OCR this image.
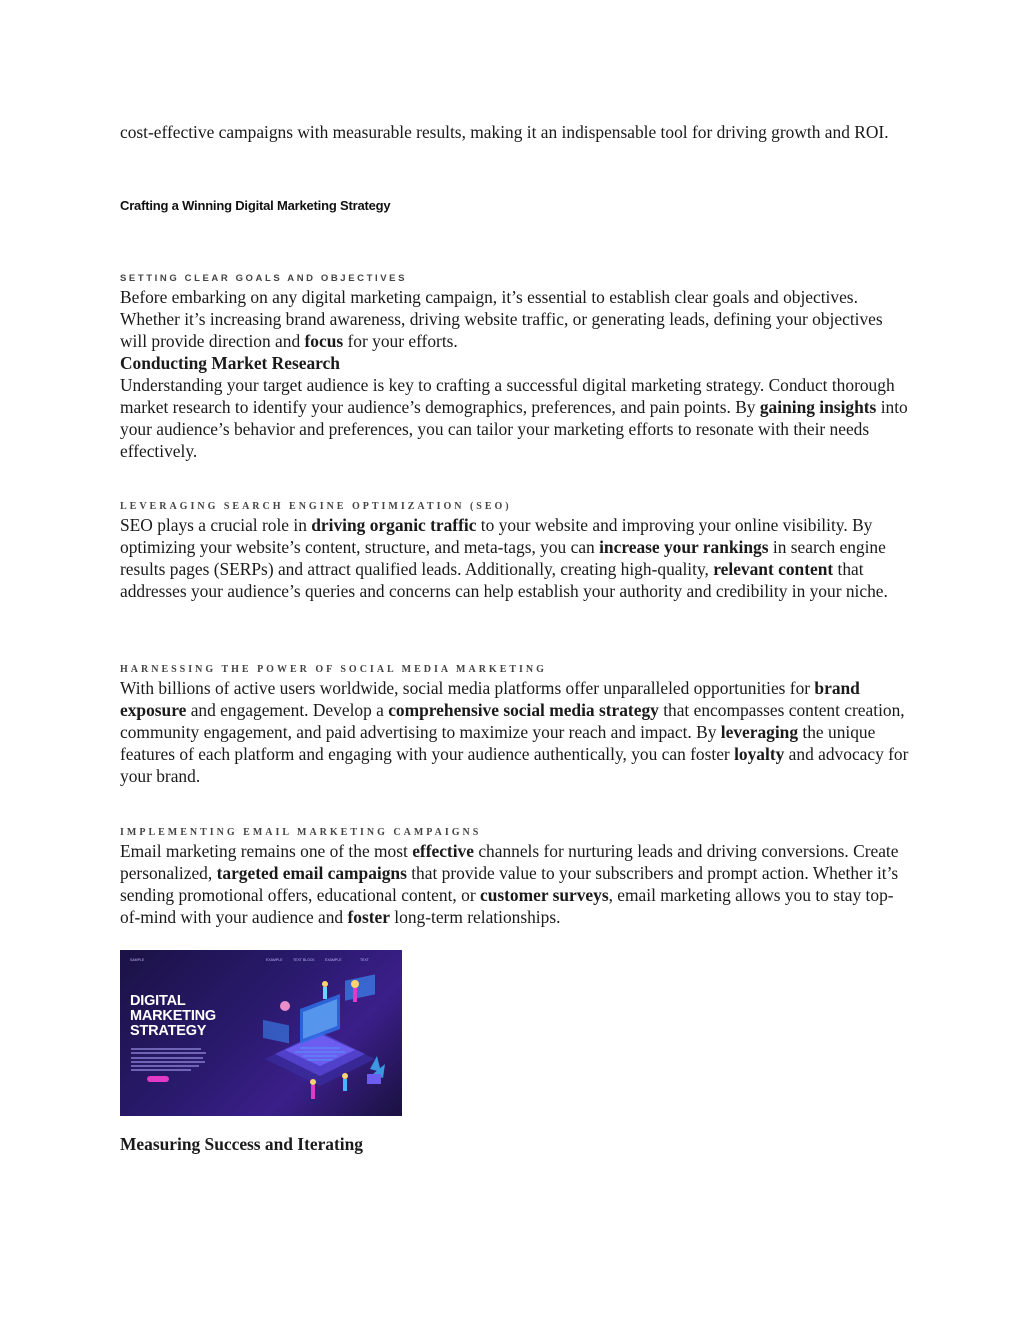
cost-effective campaigns with measurable results, making it an indispensable tool for driving growth and ROI.

Crafting a Winning Digital Marketing Strategy

SETTING CLEAR GOALS AND OBJECTIVES

Before embarking on any digital marketing campaign, it’s essential to establish clear goals and objectives. Whether it’s increasing brand awareness, driving website traffic, or generating leads, defining your objectives will provide direction and focus for your efforts.

Conducting Market Research

Understanding your target audience is key to crafting a successful digital marketing strategy. Conduct thorough market research to identify your audience’s demographics, preferences, and pain points. By gaining insights into your audience’s behavior and preferences, you can tailor your marketing efforts to resonate with their needs effectively.

LEVERAGING SEARCH ENGINE OPTIMIZATION (SEO)

SEO plays a crucial role in driving organic traffic to your website and improving your online visibility. By optimizing your website’s content, structure, and meta-tags, you can increase your rankings in search engine results pages (SERPs) and attract qualified leads. Additionally, creating high-quality, relevant content that addresses your audience’s queries and concerns can help establish your authority and credibility in your niche.

HARNESSING THE POWER OF SOCIAL MEDIA MARKETING

With billions of active users worldwide, social media platforms offer unparalleled opportunities for brand exposure and engagement. Develop a comprehensive social media strategy that encompasses content creation, community engagement, and paid advertising to maximize your reach and impact. By leveraging the unique features of each platform and engaging with your audience authentically, you can foster loyalty and advocacy for your brand.

IMPLEMENTING EMAIL MARKETING CAMPAIGNS

Email marketing remains one of the most effective channels for nurturing leads and driving conversions. Create personalized, targeted email campaigns that provide value to your subscribers and prompt action. Whether it’s sending promotional offers, educational content, or customer surveys, email marketing allows you to stay top-of-mind with your audience and foster long-term relationships.

SAMPLE	EXAMPLE	TEXT BLOCK	EXAMPLE	TEXT
DIGITAL
MARKETING
STRATEGY

Measuring Success and Iterating
